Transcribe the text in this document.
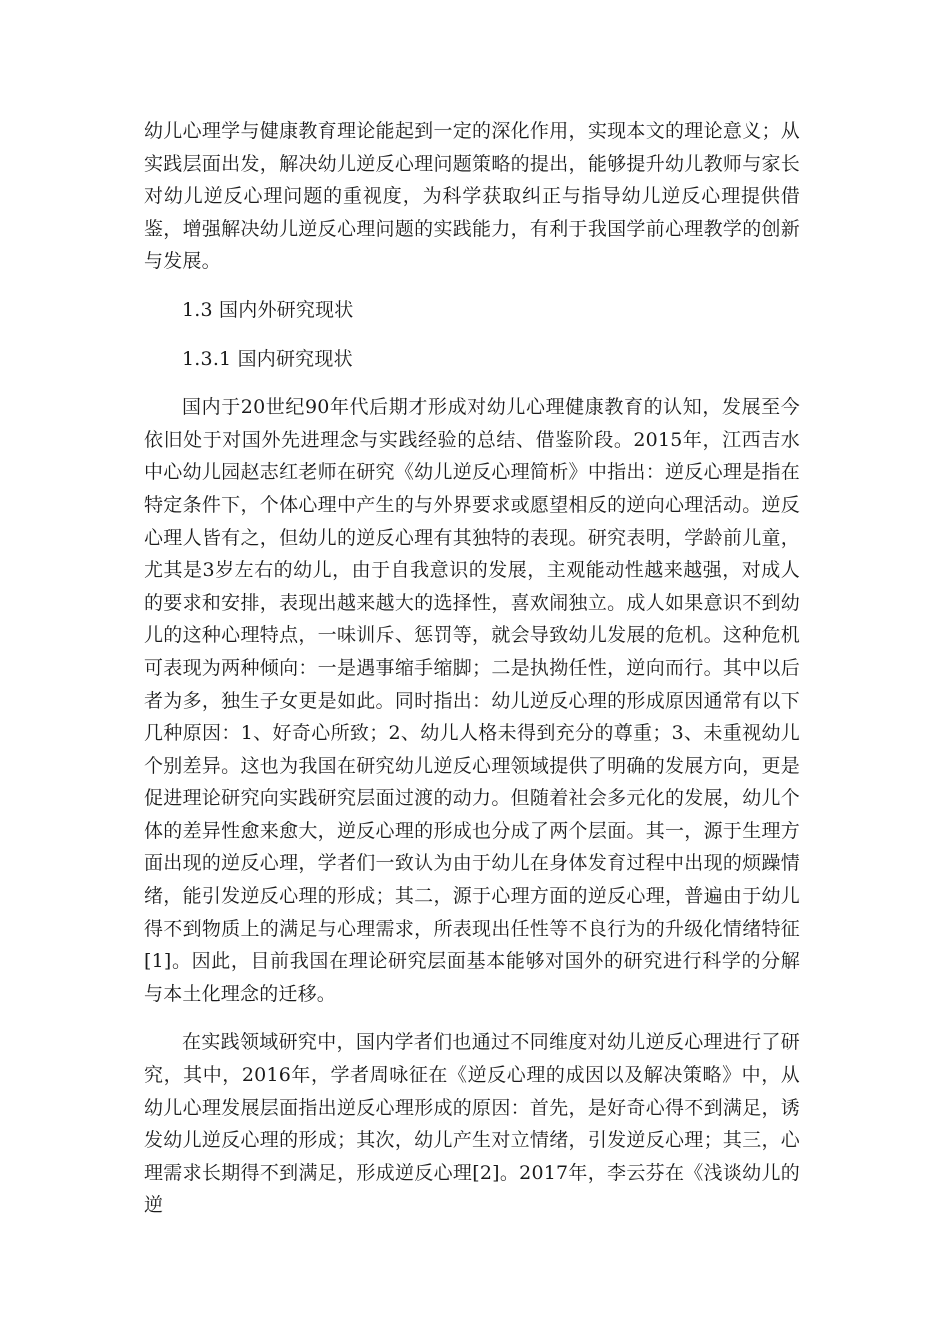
幼儿心理学与健康教育理论能起到一定的深化作用，实现本文的理论意义；从实践层面出发，解决幼儿逆反心理问题策略的提出，能够提升幼儿教师与家长对幼儿逆反心理问题的重视度，为科学获取纠正与指导幼儿逆反心理提供借鉴，增强解决幼儿逆反心理问题的实践能力，有利于我国学前心理教学的创新与发展。

1.3 国内外研究现状

1.3.1 国内研究现状

国内于20世纪90年代后期才形成对幼儿心理健康教育的认知，发展至今依旧处于对国外先进理念与实践经验的总结、借鉴阶段。2015年，江西吉水中心幼儿园赵志红老师在研究《幼儿逆反心理简析》中指出：逆反心理是指在特定条件下，个体心理中产生的与外界要求或愿望相反的逆向心理活动。逆反心理人皆有之，但幼儿的逆反心理有其独特的表现。研究表明，学龄前儿童，尤其是3岁左右的幼儿，由于自我意识的发展，主观能动性越来越强，对成人的要求和安排，表现出越来越大的选择性，喜欢闹独立。成人如果意识不到幼儿的这种心理特点，一味训斥、惩罚等，就会导致幼儿发展的危机。这种危机可表现为两种倾向：一是遇事缩手缩脚；二是执拗任性，逆向而行。其中以后者为多，独生子女更是如此。同时指出：幼儿逆反心理的形成原因通常有以下几种原因：1、好奇心所致；2、幼儿人格未得到充分的尊重；3、未重视幼儿个别差异。这也为我国在研究幼儿逆反心理领域提供了明确的发展方向，更是促进理论研究向实践研究层面过渡的动力。但随着社会多元化的发展，幼儿个体的差异性愈来愈大，逆反心理的形成也分成了两个层面。其一，源于生理方面出现的逆反心理，学者们一致认为由于幼儿在身体发育过程中出现的烦躁情绪，能引发逆反心理的形成；其二，源于心理方面的逆反心理，普遍由于幼儿得不到物质上的满足与心理需求，所表现出任性等不良行为的升级化情绪特征[1]。因此，目前我国在理论研究层面基本能够对国外的研究进行科学的分解与本土化理念的迁移。

在实践领域研究中，国内学者们也通过不同维度对幼儿逆反心理进行了研究，其中，2016年，学者周咏征在《逆反心理的成因以及解决策略》中，从幼儿心理发展层面指出逆反心理形成的原因：首先，是好奇心得不到满足，诱发幼儿逆反心理的形成；其次，幼儿产生对立情绪，引发逆反心理；其三，心理需求长期得不到满足，形成逆反心理[2]。2017年，李云芬在《浅谈幼儿的逆
